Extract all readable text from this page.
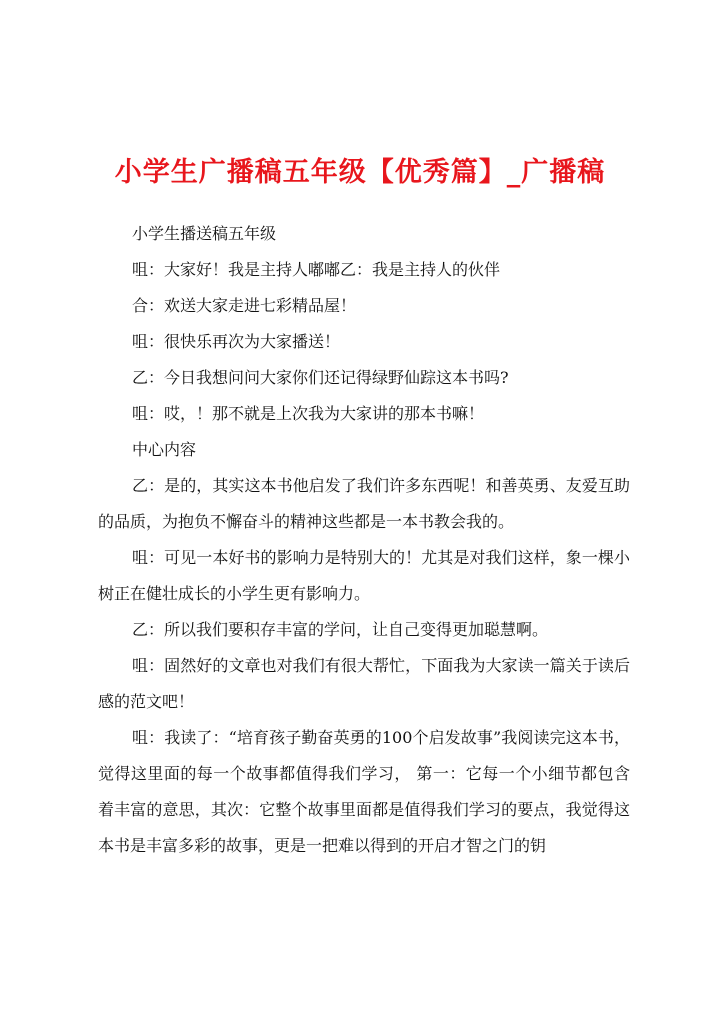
小学生广播稿五年级【优秀篇】_广播稿

小学生播送稿五年级

咀：大家好！我是主持人嘟嘟乙：我是主持人的伙伴

合：欢送大家走进七彩精品屋！

咀：很快乐再次为大家播送！

乙：今日我想问问大家你们还记得绿野仙踪这本书吗?

咀：哎，！那不就是上次我为大家讲的那本书嘛！

中心内容

乙：是的，其实这本书他启发了我们许多东西呢！和善英勇、友爱互助的品质，为抱负不懈奋斗的精神这些都是一本书教会我的。

咀：可见一本好书的影响力是特别大的！尤其是对我们这样，象一棵小树正在健壮成长的小学生更有影响力。

乙：所以我们要积存丰富的学问，让自己变得更加聪慧啊。

咀：固然好的文章也对我们有很大帮忙，下面我为大家读一篇关于读后感的范文吧！

咀：我读了：“培育孩子勤奋英勇的100个启发故事”我阅读完这本书，觉得这里面的每一个故事都值得我们学习， 第一：它每一个小细节都包含着丰富的意思，其次：它整个故事里面都是值得我们学习的要点，我觉得这本书是丰富多彩的故事，更是一把难以得到的开启才智之门的钥
